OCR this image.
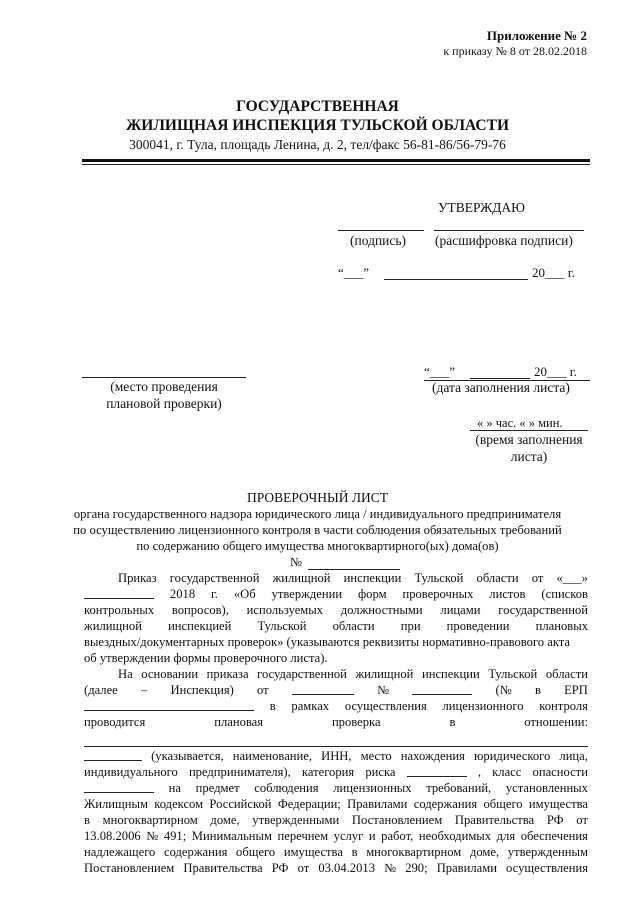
Приложение № 2
к приказу № 8 от 28.02.2018
ГОСУДАРСТВЕННАЯ
ЖИЛИЩНАЯ ИНСПЕКЦИЯ ТУЛЬСКОЙ ОБЛАСТИ
300041, г. Тула, площадь Ленина, д. 2, тел/факс 56-81-86/56-79-76
УТВЕРЖДАЮ
(подпись) (расшифровка подписи)
“___”	20___ г.
(место проведения
плановой проверки)
“___”	20___ г.
(дата заполнения листа)
« » час. « » мин.
(время заполнения
листа)
ПРОВЕРОЧНЫЙ ЛИСТ
органа государственного надзора юридического лица / индивидуального предпринимателя
по осуществлению лицензионного контроля в части соблюдения обязательных требований
по содержанию общего имущества многоквартирного(ых) дома(ов)
№
Приказ государственной жилищной инспекции Тульской области от «___»
2018 г. «Об утверждении форм проверочных листов (списков
контрольных вопросов), используемых должностными лицами государственной
жилищной инспекцией Тульской области при проведении плановых
выездных/документарных проверок» (указываются реквизиты нормативно-правового акта
об утверждении формы проверочного листа).
На основании приказа государственной жилищной инспекции Тульской области
(далее – Инспекция) от	№	(№ в ЕРП
в рамках осуществления лицензионного контроля
проводится	плановая	проверка	в	отношении:
(указывается, наименование, ИНН, место нахождения юридического лица,
индивидуального предпринимателя), категория риска	, класс опасности
на предмет соблюдения лицензионных требований, установленных
Жилищным кодексом Российской Федерации; Правилами содержания общего имущества
в многоквартирном доме, утвержденными Постановлением Правительства РФ от
13.08.2006 № 491; Минимальным перечнем услуг и работ, необходимых для обеспечения
надлежащего содержания общего имущества в многоквартирном доме, утвержденным
Постановлением Правительства РФ от 03.04.2013 № 290; Правилами осуществления
